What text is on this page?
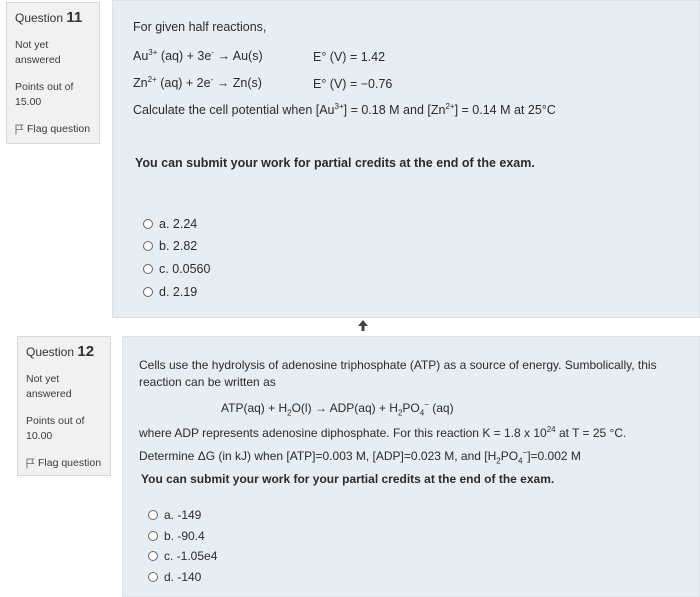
Question 11
Not yet answered
Points out of
15.00
Flag question
For given half reactions,
$Au^{3+}$ (aq) + 3e- → Au(s)	E° (V) = 1.42
$Zn^{2+}$ (aq) + 2e- → Zn(s)	E° (V) = −0.76
Calculate the cell potential when $[Au^{3+}] = 0.18$ M and $[Zn^{2+}] = 0.14$ M at 25°C
You can submit your work for partial credits at the end of the exam.
a. 2.24
b. 2.82
c. 0.0560
d. 2.19
Question 12
Not yet answered
Points out of
10.00
Flag question
Cells use the hydrolysis of adenosine triphosphate (ATP) as a source of energy. Sumbolically, this
reaction can be written as
$ATP(aq) + H_2O(l) \to ADP(aq) + H_2PO_4^-$ (aq)
where ADP represents adenosine diphosphate. For this reaction K = 1.8 x $10^{24}$ at T = 25 °C.
Determine ΔG (in kJ) when [ATP]=0.003 M, [ADP]=0.023 M, and $[H_2PO_4^-]=0.002$ M
You can submit your work for your partial credits at the end of the exam.
a. -149
b. -90.4
c. -1.05e4
d. -140
